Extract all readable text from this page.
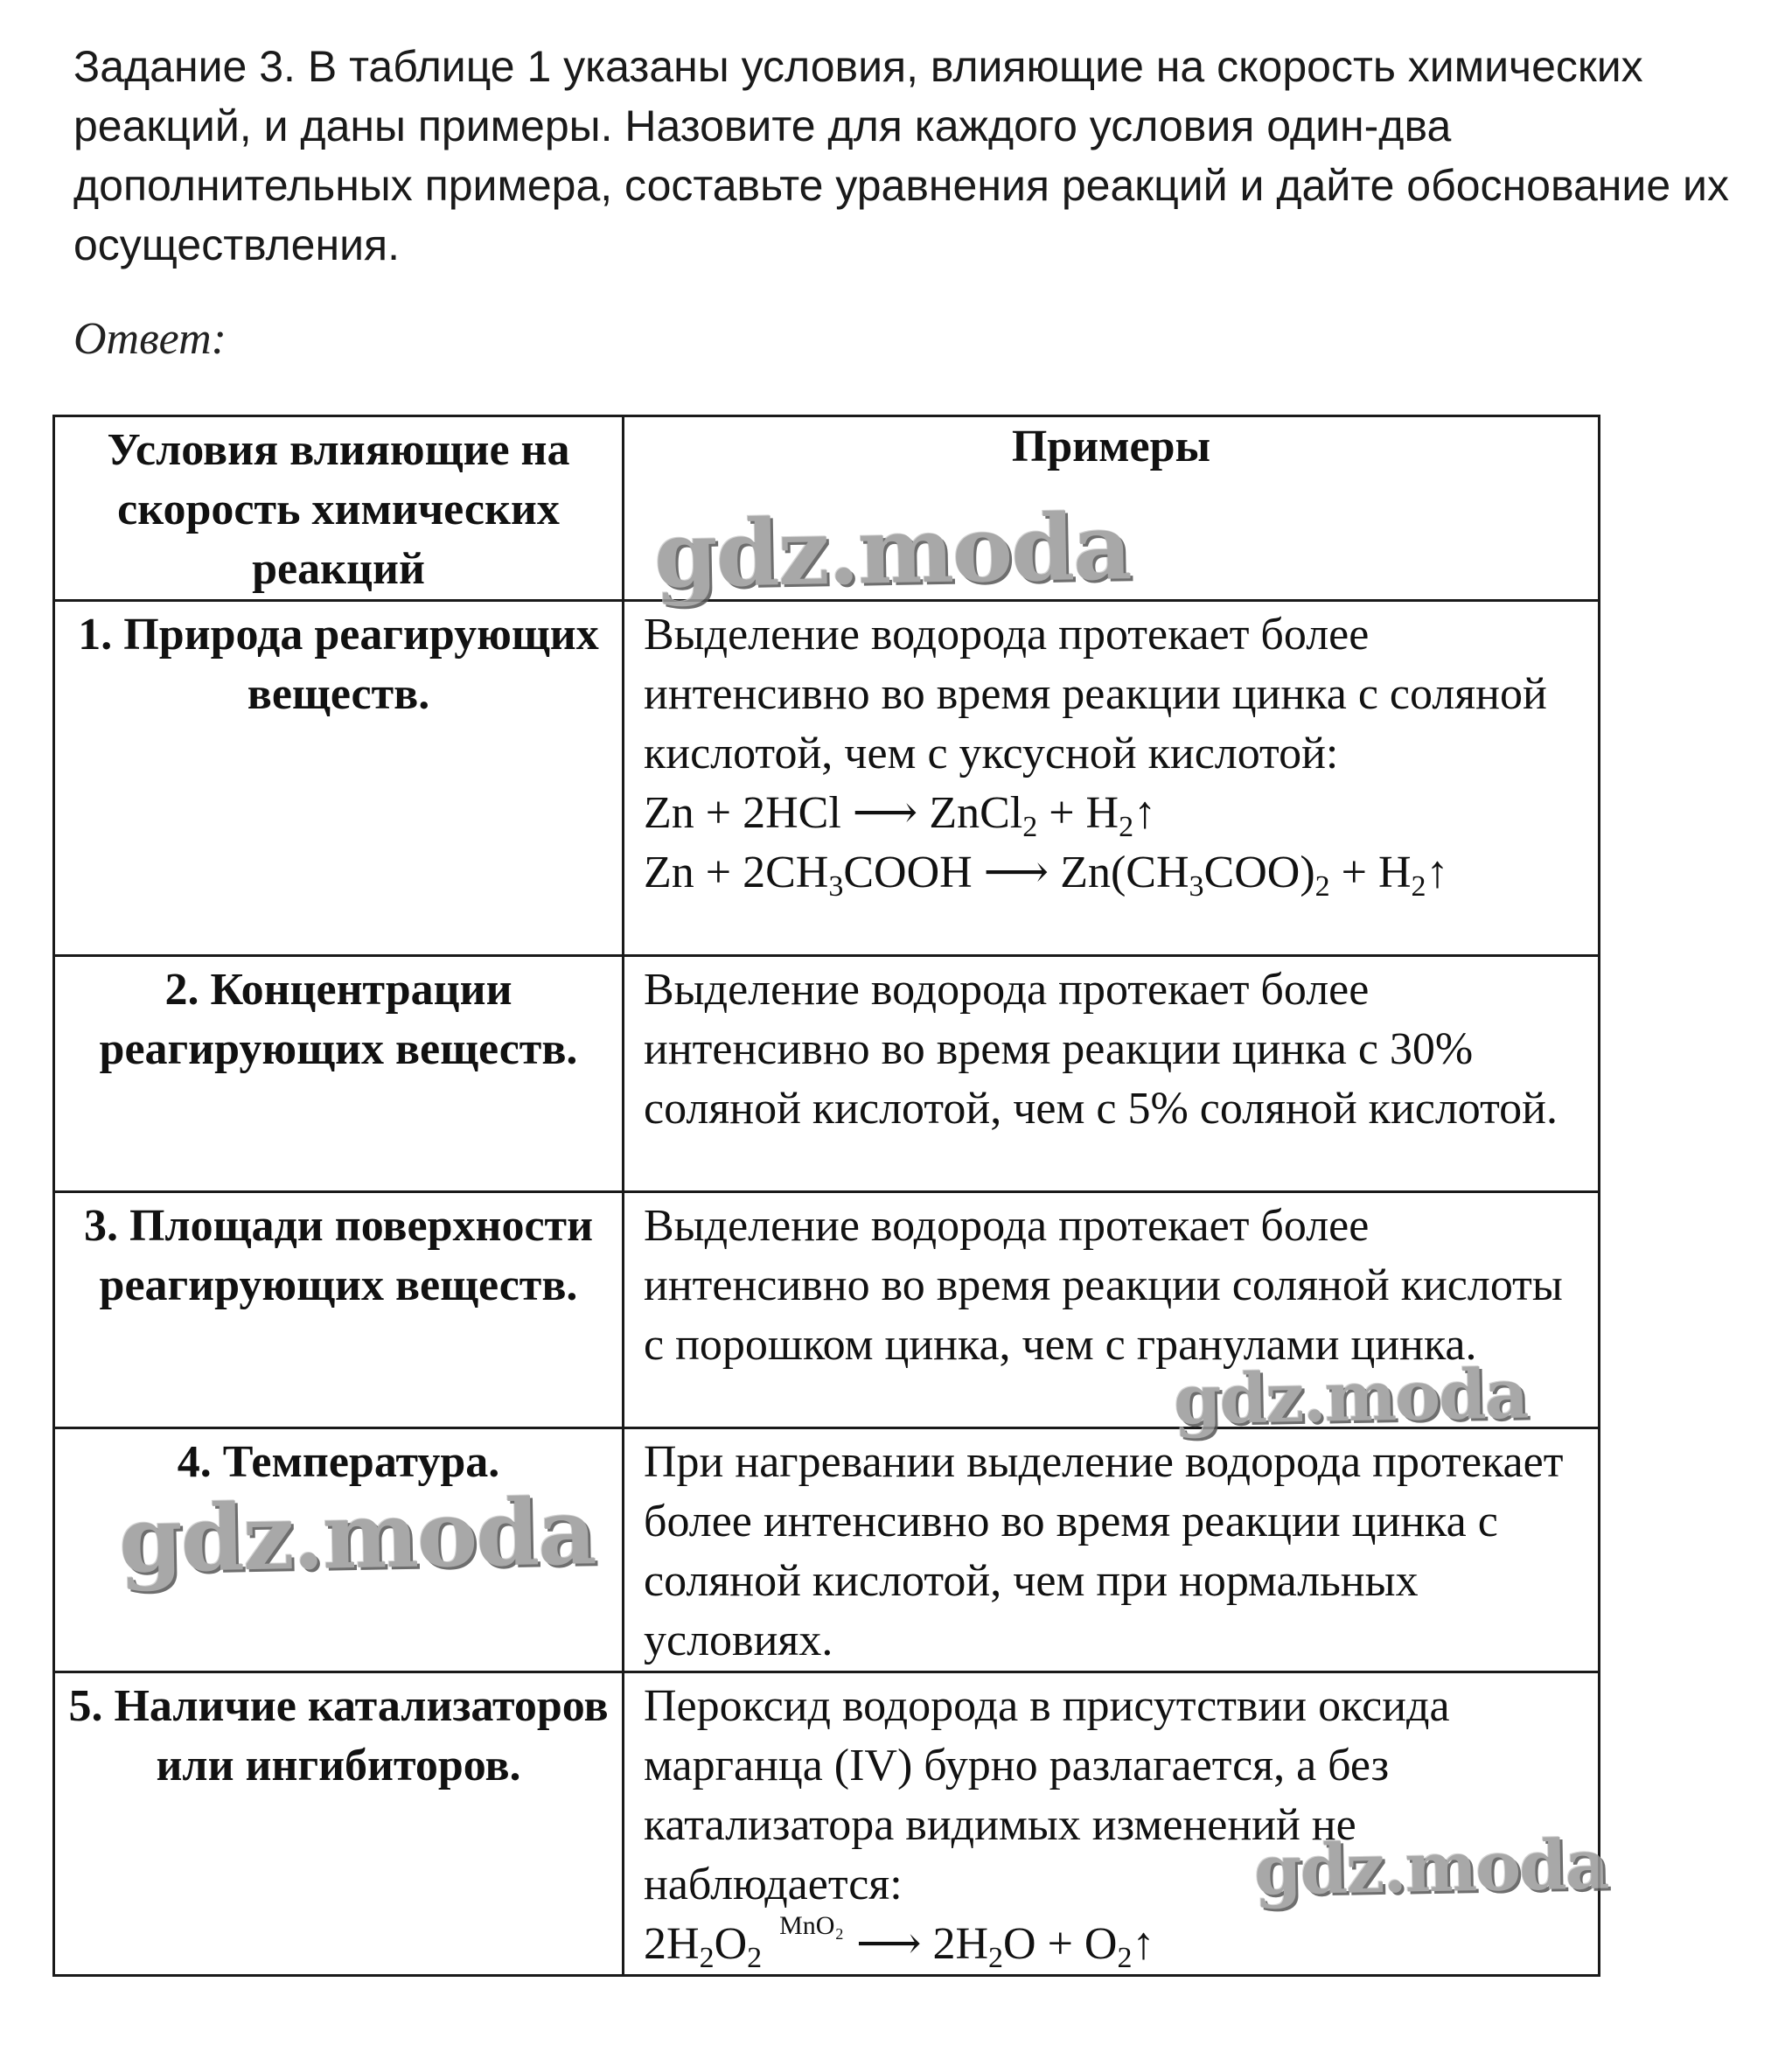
Задание 3. В таблице 1 указаны условия, влияющие на скорость химических реакций, и даны примеры. Назовите для каждого условия один-два дополнительных примера, составьте уравнения реакций и дайте обоснование их осуществления.
Ответ:
Условия влияющие на скорость химических реакций	Примеры
1. Природа реагирующих веществ.	Выделение водорода протекает более интенсивно во время реакции цинка с соляной кислотой, чем с уксусной кислотой:
Zn + 2HCl ⟶ ZnCl$_2$ + $H_2↑$
$Zn + 2CH_3COOH$ ⟶ $Zn(CH_3COO)_2$ + $H_2↑$

2. Концентрации реагирующих веществ.	Выделение водорода протекает более интенсивно во время реакции цинка с 30% соляной кислотой, чем с 5% соляной кислотой.
3. Площади поверхности реагирующих веществ.	Выделение водорода протекает более интенсивно во время реакции соляной кислоты с порошком цинка, чем с гранулами цинка.
4. Температура.	При нагревании выделение водорода протекает более интенсивно во время реакции цинка с соляной кислотой, чем при нормальных условиях.
5. Наличие катализаторов или ингибиторов.	Пероксид водорода в присутствии оксида марганца (IV) бурно разлагается, а без катализатора видимых изменений не наблюдается:
$2H_2O_2^{MnO_2}$ ⟶ $2H_2O$ + $O_2↑$
gdz.moda
gdz.moda
gdz.moda
gdz.moda
